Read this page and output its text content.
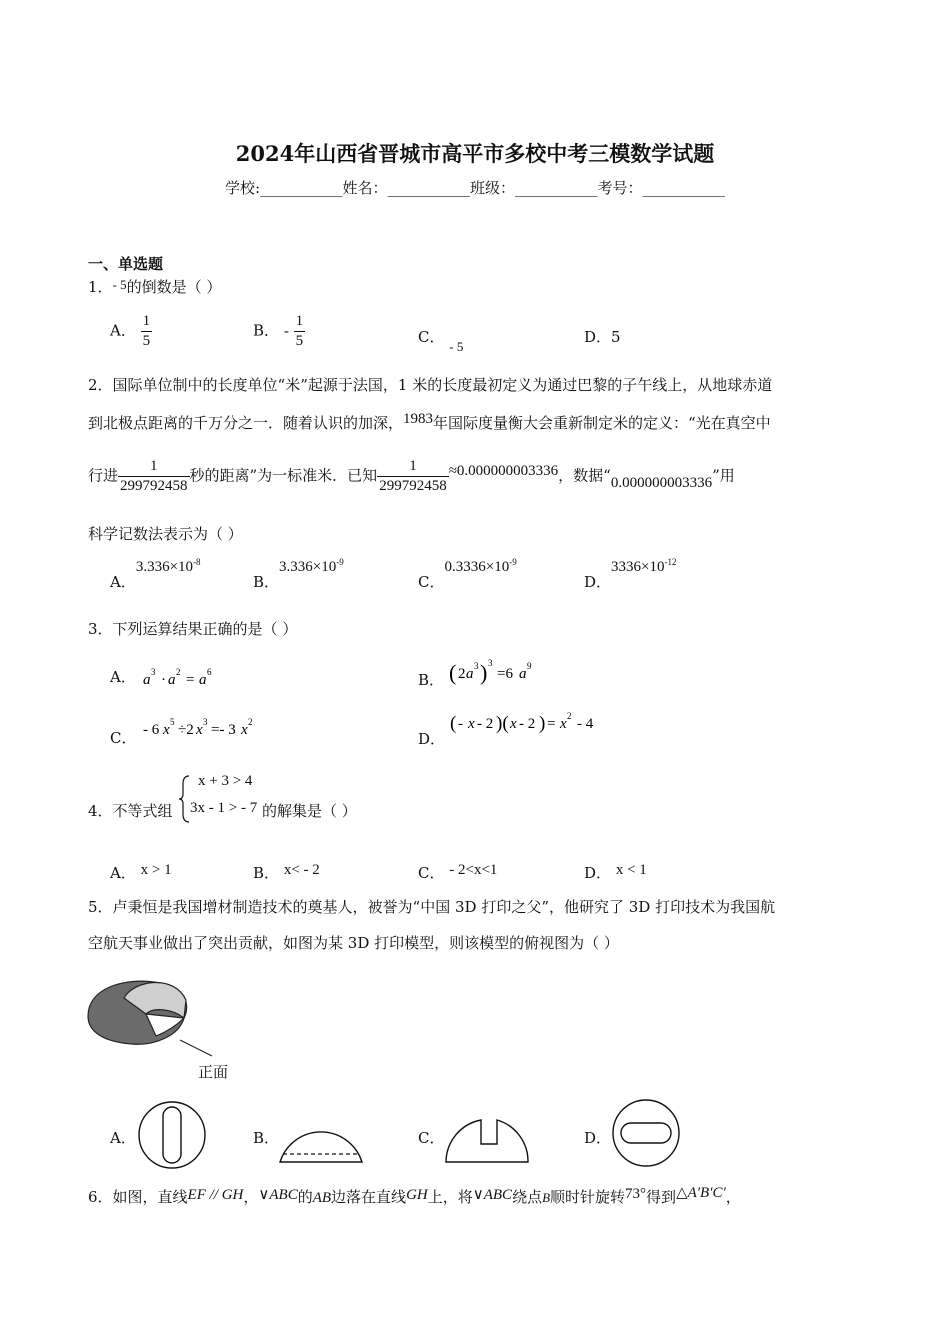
2024年山西省晋城市高平市多校中考三模数学试题
学校:___________姓名：___________班级：___________考号：___________
一、单选题
1．- 5的倒数是（ ）
A． $\frac{1}{5}$	B． - $\frac{1}{5}$	C． - 5
D．5
2．国际单位制中的长度单位“米”起源于法国，1 米的长度最初定义为通过巴黎的子午线上，从地球赤道
到北极点距离的千万分之一．随着认识的加深，1983年国际度量衡大会重新制定米的定义：“光在真空中
行进 $\frac{1}{299792458}$ 秒的距离”为一标准米．已知 $\frac{1}{299792458} \approx 0.000000003336$，数据“0.000000003336”用
科学记数法表示为（ ）
A．$3.336\times 10^{-8}$
B．$3.336\times 10^{-9}$
C．$0.3336\times 10^{-9}$
D．$3336\times 10^{-12}$
3．下列运算结果正确的是（ ）
A． a 3 · a 2 = a 6	B． ( 2 a 3 ) 3
=6 a 9
C． - 6 x 5 ÷2 x 3 =- 3 x 2
D．
( - x - 2 )( x - 2 ) = x 2 - 4
4．不等式组
x + 3 > 4
3x - 1 > - 7 的解集是（ ）
A． x > 1	B． x< - 2	C． - 2<x<1	D． x < 1
5．卢秉恒是我国增材制造技术的奠基人，被誉为“中国 3D 打印之父”，他研究了 3D 打印技术为我国航
空航天事业做出了突出贡献，如图为某 3D 打印模型，则该模型的俯视图为（ ）
正面
A．	B．	C．	D．
6．如图，直线EF // GH，∨ABC的AB边落在直线GH上，将∨ABC绕点B顺时针旋转73°得到△A′B′C′，
